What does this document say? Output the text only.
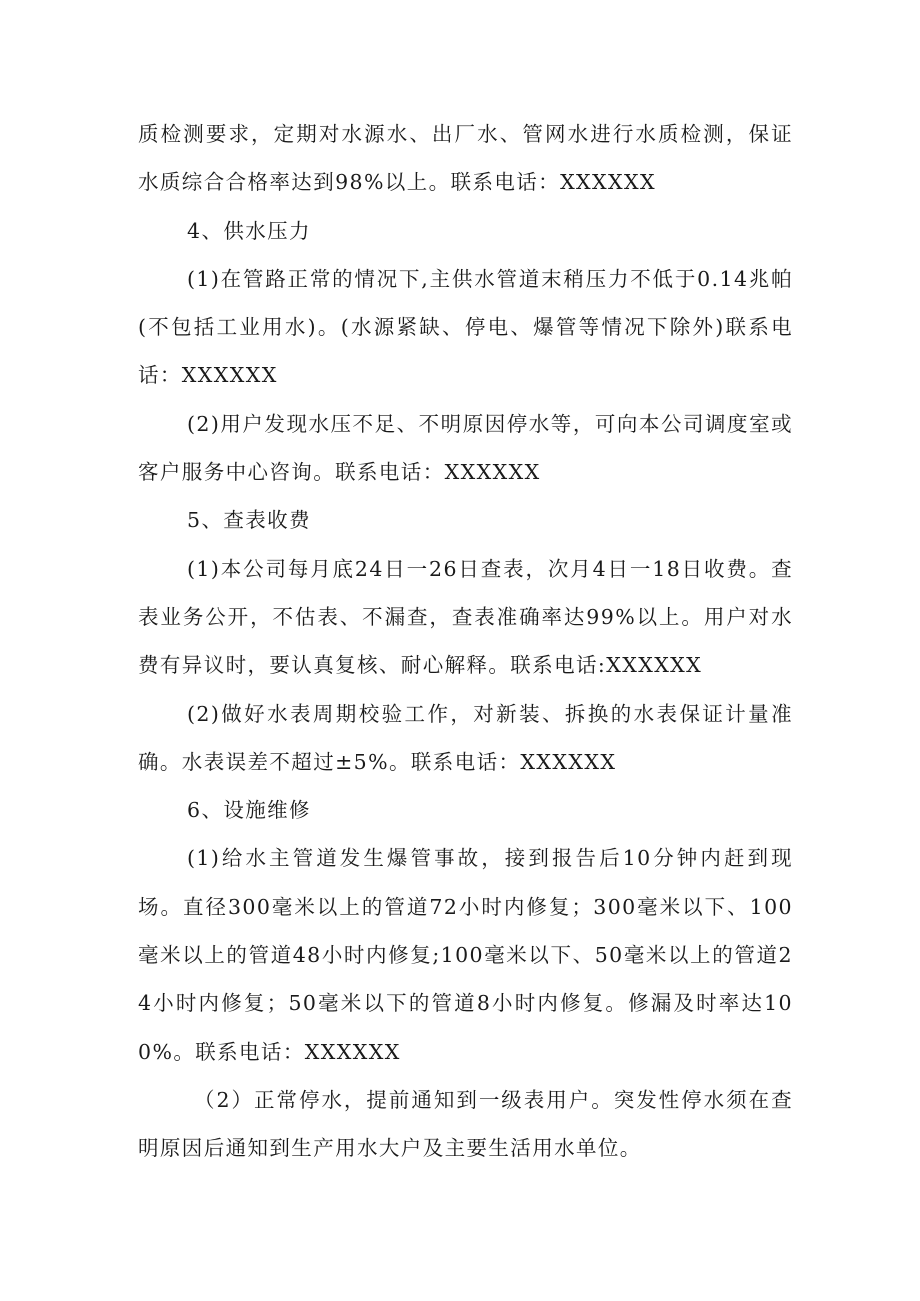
质检测要求，定期对水源水、出厂水、管网水进行水质检测，保证水质综合合格率达到98%以上。联系电话：XXXXXX

4、供水压力

(1)在管路正常的情况下,主供水管道末稍压力不低于0.14兆帕(不包括工业用水)。(水源紧缺、停电、爆管等情况下除外)联系电话：XXXXXX

(2)用户发现水压不足、不明原因停水等，可向本公司调度室或客户服务中心咨询。联系电话：XXXXXX

5、查表收费

(1)本公司每月底24日一26日查表，次月4日一18日收费。查表业务公开，不估表、不漏查，查表准确率达99%以上。用户对水费有异议时，要认真复核、耐心解释。联系电话:XXXXXX

(2)做好水表周期校验工作，对新装、拆换的水表保证计量准确。水表误差不超过±5%。联系电话：XXXXXX

6、设施维修

(1)给水主管道发生爆管事故，接到报告后10分钟内赶到现场。直径300毫米以上的管道72小时内修复；300毫米以下、100毫米以上的管道48小时内修复;100毫米以下、50毫米以上的管道24小时内修复；50毫米以下的管道8小时内修复。修漏及时率达100%。联系电话：XXXXXX

（2）正常停水，提前通知到一级表用户。突发性停水须在查明原因后通知到生产用水大户及主要生活用水单位。
